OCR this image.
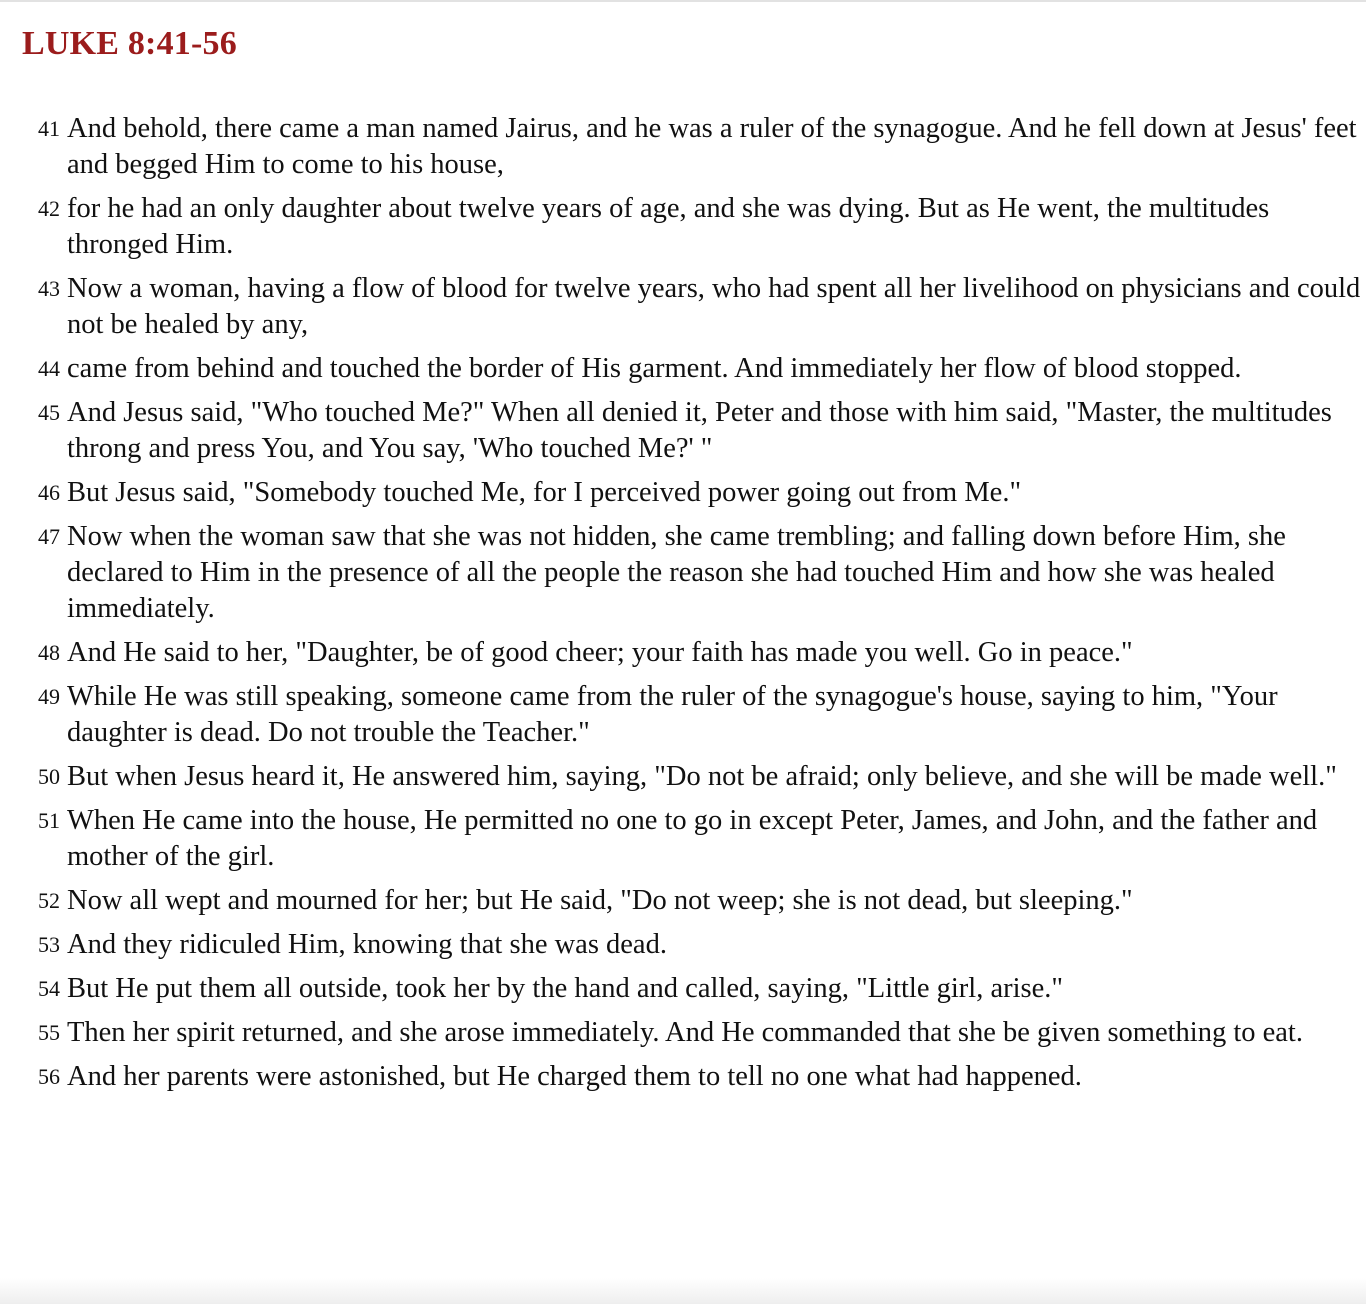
LUKE 8:41-56
41 And behold, there came a man named Jairus, and he was a ruler of the synagogue. And he fell down at Jesus' feet and begged Him to come to his house,
42 for he had an only daughter about twelve years of age, and she was dying. But as He went, the multitudes thronged Him.
43 Now a woman, having a flow of blood for twelve years, who had spent all her livelihood on physicians and could not be healed by any,
44 came from behind and touched the border of His garment. And immediately her flow of blood stopped.
45 And Jesus said, "Who touched Me?" When all denied it, Peter and those with him said, "Master, the multitudes throng and press You, and You say, 'Who touched Me?' "
46 But Jesus said, "Somebody touched Me, for I perceived power going out from Me."
47 Now when the woman saw that she was not hidden, she came trembling; and falling down before Him, she declared to Him in the presence of all the people the reason she had touched Him and how she was healed immediately.
48 And He said to her, "Daughter, be of good cheer; your faith has made you well. Go in peace."
49 While He was still speaking, someone came from the ruler of the synagogue's house, saying to him, "Your daughter is dead. Do not trouble the Teacher."
50 But when Jesus heard it, He answered him, saying, "Do not be afraid; only believe, and she will be made well."
51 When He came into the house, He permitted no one to go in except Peter, James, and John, and the father and mother of the girl.
52 Now all wept and mourned for her; but He said, "Do not weep; she is not dead, but sleeping."
53 And they ridiculed Him, knowing that she was dead.
54 But He put them all outside, took her by the hand and called, saying, "Little girl, arise."
55 Then her spirit returned, and she arose immediately. And He commanded that she be given something to eat.
56 And her parents were astonished, but He charged them to tell no one what had happened.
